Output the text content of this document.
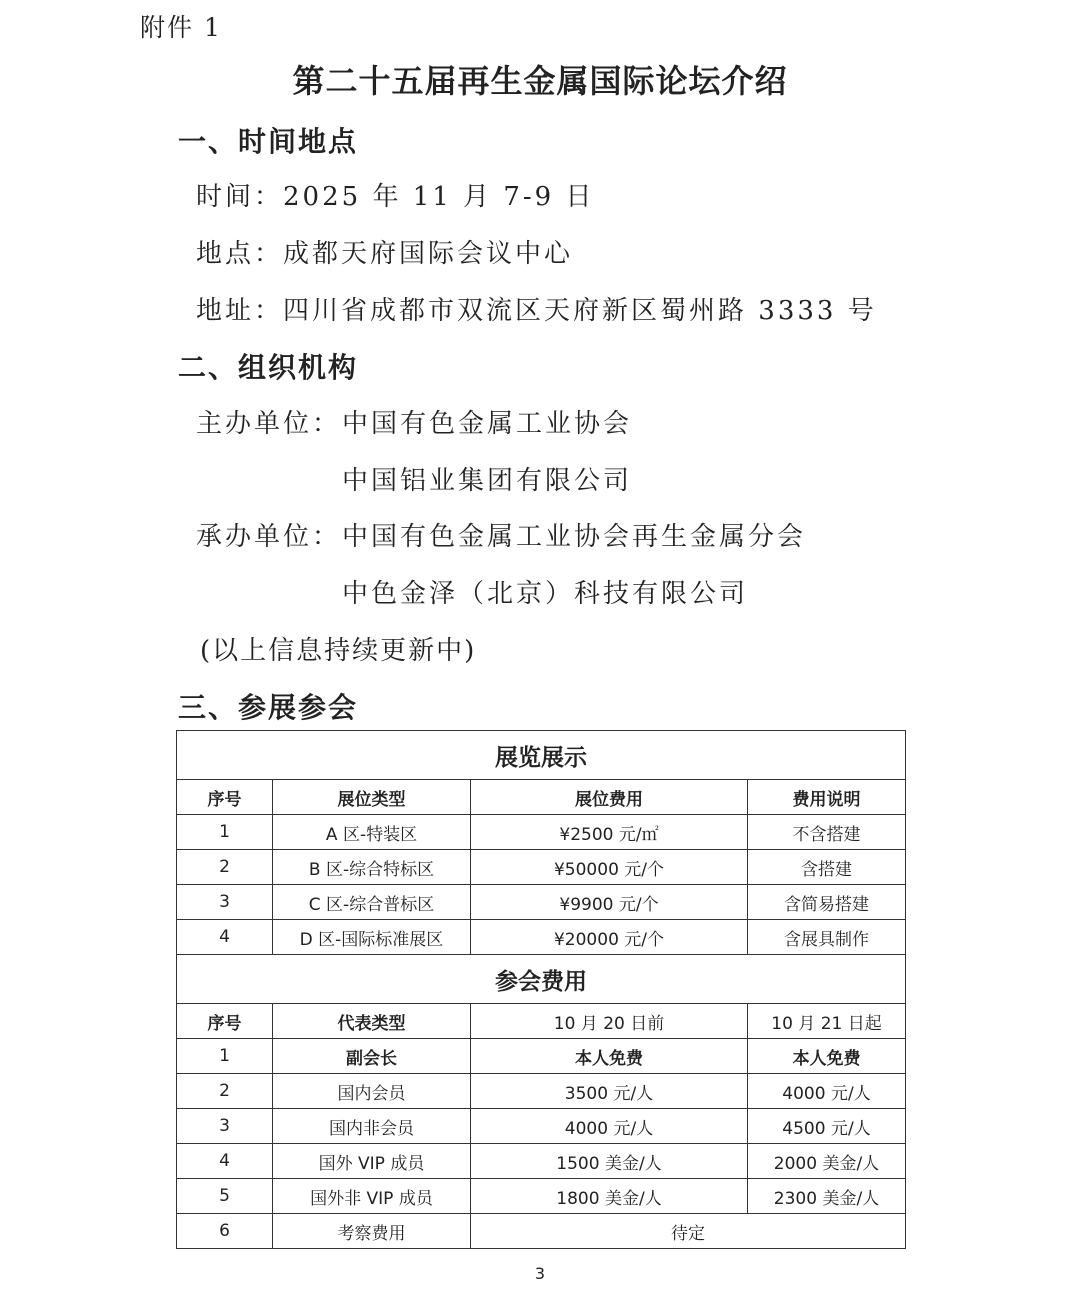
附件 1
第二十五届再生金属国际论坛介绍
一、时间地点
时间：2025 年 11 月 7-9 日
地点：成都天府国际会议中心
地址：四川省成都市双流区天府新区蜀州路 3333 号
二、组织机构
主办单位： 中国有色金属工业协会
中国铝业集团有限公司
承办单位： 中国有色金属工业协会再生金属分会
中色金泽（北京）科技有限公司
(以上信息持续更新中)
三、参展参会
展览展示			
序号	展位类型	展位费用	费用说明
1	A 区-特装区	¥2500 元/㎡	不含搭建
2	B 区-综合特标区	¥50000 元/个	含搭建
3	C 区-综合普标区	¥9900 元/个	含简易搭建
4	D 区-国际标准展区	¥20000 元/个	含展具制作
参会费用			
序号	代表类型	10 月 20 日前	10 月 21 日起
1	副会长	本人免费	本人免费
2	国内会员	3500 元/人	4000 元/人
3	国内非会员	4000 元/人	4500 元/人
4	国外 VIP 成员	1500 美金/人	2000 美金/人
5	国外非 VIP 成员	1800 美金/人	2300 美金/人
6	考察费用	待定	
3
